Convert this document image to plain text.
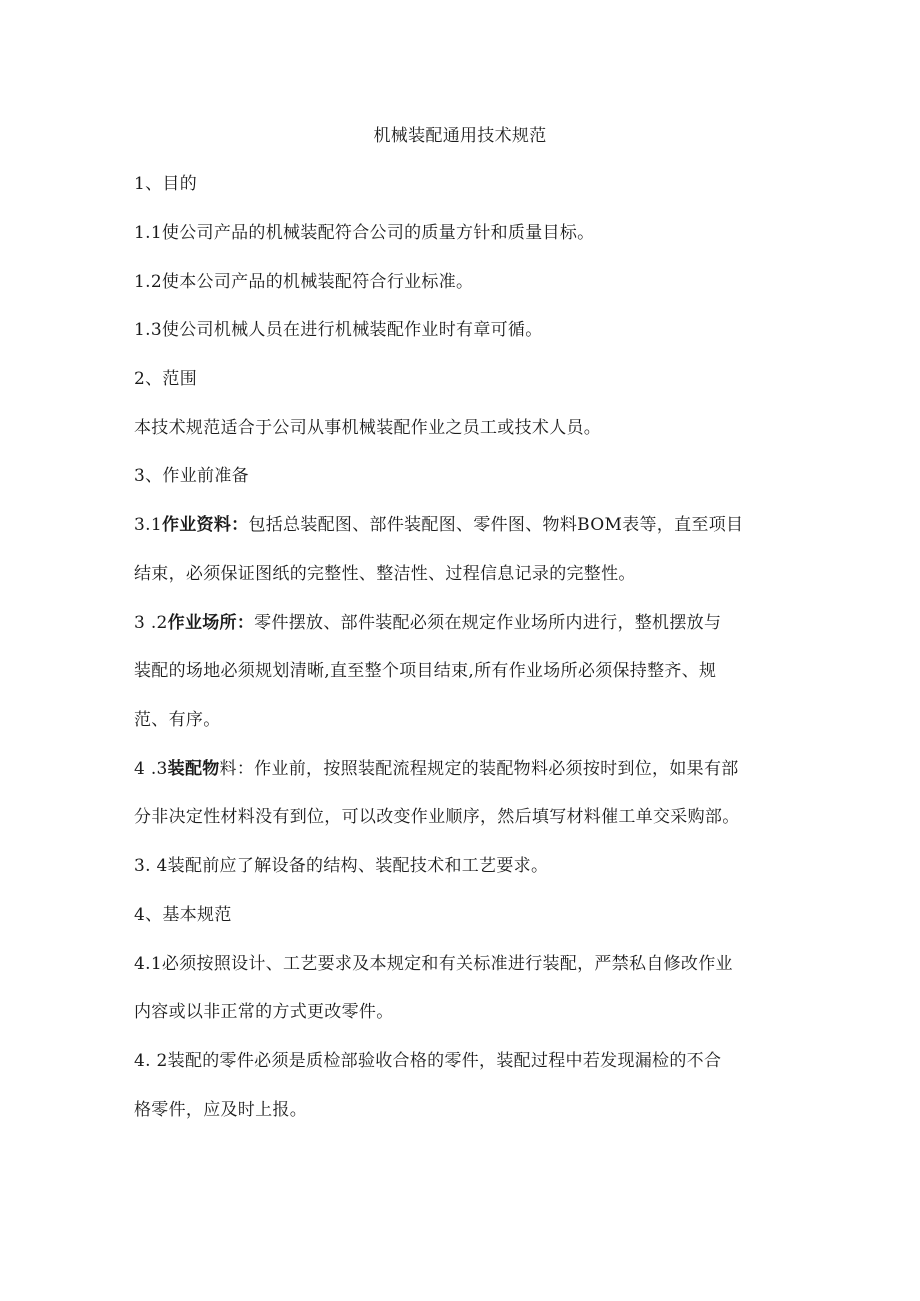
机械装配通用技术规范
1、目的
1.1使公司产品的机械装配符合公司的质量方针和质量目标。
1.2使本公司产品的机械装配符合行业标准。
1.3使公司机械人员在进行机械装配作业时有章可循。
2、范围
本技术规范适合于公司从事机械装配作业之员工或技术人员。
3、作业前准备
3.1作业资料：包括总装配图、部件装配图、零件图、物料BOM表等，直至项目
结束，必须保证图纸的完整性、整洁性、过程信息记录的完整性。
3 .2作业场所：零件摆放、部件装配必须在规定作业场所内进行，整机摆放与
装配的场地必须规划清晰,直至整个项目结束,所有作业场所必须保持整齐、规
范、有序。
4 .3装配物料：作业前，按照装配流程规定的装配物料必须按时到位，如果有部
分非决定性材料没有到位，可以改变作业顺序，然后填写材料催工单交采购部。
3. 4装配前应了解设备的结构、装配技术和工艺要求。
4、基本规范
4.1必须按照设计、工艺要求及本规定和有关标准进行装配，严禁私自修改作业
内容或以非正常的方式更改零件。
4. 2装配的零件必须是质检部验收合格的零件，装配过程中若发现漏检的不合
格零件，应及时上报。
